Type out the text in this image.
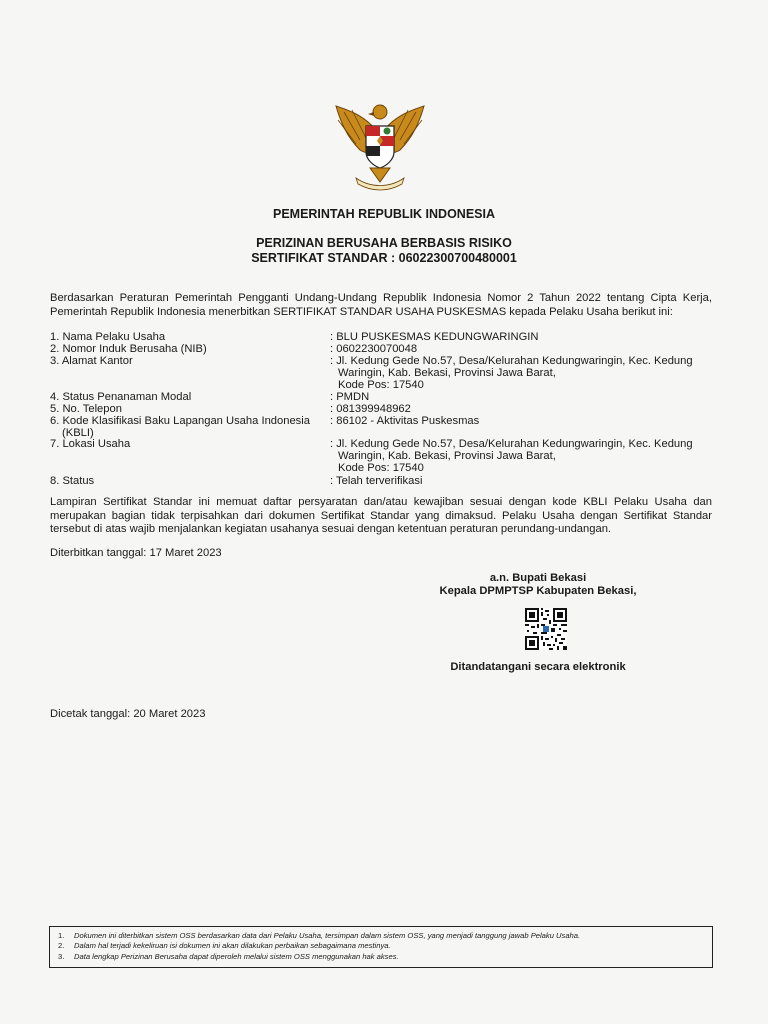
PEMERINTAH REPUBLIK INDONESIA
PERIZINAN BERUSAHA BERBASIS RISIKO
SERTIFIKAT STANDAR : 06022300700480001
Berdasarkan Peraturan Pemerintah Pengganti Undang-Undang Republik Indonesia Nomor 2 Tahun 2022 tentang Cipta Kerja, Pemerintah Republik Indonesia menerbitkan SERTIFIKAT STANDAR USAHA PUSKESMAS kepada Pelaku Usaha berikut ini:
1. Nama Pelaku Usaha	: BLU PUSKESMAS KEDUNGWARINGIN
2. Nomor Induk Berusaha (NIB)	: 0602230070048
3. Alamat Kantor	: Jl. Kedung Gede No.57, Desa/Kelurahan Kedungwaringin, Kec. Kedung
Waringin, Kab. Bekasi, Provinsi Jawa Barat,
Kode Pos: 17540
4. Status Penanaman Modal	: PMDN
5. No. Telepon	: 081399948962
6. Kode Klasifikasi Baku Lapangan Usaha Indonesia
(KBLI)
: 86102 - Aktivitas Puskesmas
7. Lokasi Usaha	: Jl. Kedung Gede No.57, Desa/Kelurahan Kedungwaringin, Kec. Kedung
Waringin, Kab. Bekasi, Provinsi Jawa Barat,
Kode Pos: 17540
8. Status	: Telah terverifikasi
Lampiran Sertifikat Standar ini memuat daftar persyaratan dan/atau kewajiban sesuai dengan kode KBLI Pelaku Usaha dan merupakan bagian tidak terpisahkan dari dokumen Sertifikat Standar yang dimaksud. Pelaku Usaha dengan Sertifikat Standar tersebut di atas wajib menjalankan kegiatan usahanya sesuai dengan ketentuan peraturan perundang-undangan.
Diterbitkan tanggal: 17 Maret 2023
a.n. Bupati Bekasi
Kepala DPMPTSP Kabupaten Bekasi,
Ditandatangani secara elektronik
Dicetak tanggal: 20 Maret 2023
1.	Dokumen ini diterbitkan sistem OSS berdasarkan data dari Pelaku Usaha, tersimpan dalam sistem OSS, yang menjadi tanggung jawab Pelaku Usaha.
2.	Dalam hal terjadi kekeliruan isi dokumen ini akan dilakukan perbaikan sebagaimana mestinya.
3.	Data lengkap Perizinan Berusaha dapat diperoleh melalui sistem OSS menggunakan hak akses.
